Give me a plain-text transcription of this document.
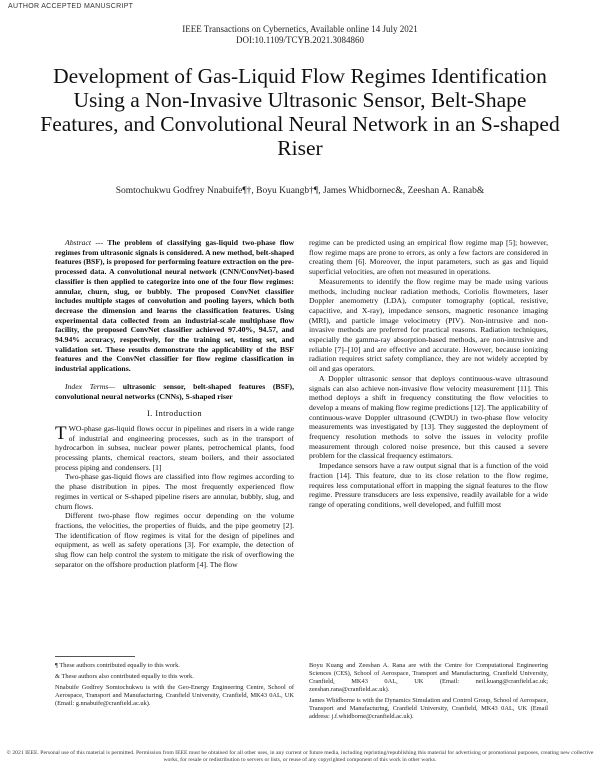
AUTHOR ACCEPTED MANUSCRIPT
IEEE Transactions on Cybernetics, Available online 14 July 2021
DOI:10.1109/TCYB.2021.3084860
Development of Gas-Liquid Flow Regimes Identification Using a Non-Invasive Ultrasonic Sensor, Belt-Shape Features, and Convolutional Neural Network in an S-shaped Riser
Somtochukwu Godfrey Nnabuife¶†, Boyu Kuangb†¶, James Whidbornec&, Zeeshan A. Ranab&

Abstract --- The problem of classifying gas-liquid two-phase flow regimes from ultrasonic signals is considered. A new method, belt-shaped features (BSF), is proposed for performing feature extraction on the pre-processed data. A convolutional neural network (CNN/ConvNet)-based classifier is then applied to categorize into one of the four flow regimes: annular, churn, slug, or bubbly. The proposed ConvNet classifier includes multiple stages of convolution and pooling layers, which both decrease the dimension and learns the classification features. Using experimental data collected from an industrial-scale multiphase flow facility, the proposed ConvNet classifier achieved 97.40%, 94.57, and 94.94% accuracy, respectively, for the training set, testing set, and validation set. These results demonstrate the applicability of the BSF features and the ConvNet classifier for flow regime classification in industrial applications.

Index Terms— ultrasonic sensor, belt-shaped features (BSF), convolutional neural networks (CNNs), S-shaped riser

I. Introduction

TWO-phase gas-liquid flows occur in pipelines and risers in a wide range of industrial and engineering processes, such as in the transport of hydrocarbon in subsea, nuclear power plants, petrochemical plants, food processing plants, chemical reactors, steam boilers, and their associated process piping and condensers. [1]

Two-phase gas-liquid flows are classified into flow regimes according to the phase distribution in pipes. The most frequently experienced flow regimes in vertical or S-shaped pipeline risers are annular, bubbly, slug, and churn flows.

Different two-phase flow regimes occur depending on the volume fractions, the velocities, the properties of fluids, and the pipe geometry [2]. The identification of flow regimes is vital for the design of pipelines and equipment, as well as safety operations [3]. For example, the detection of slug flow can help control the system to mitigate the risk of overflowing the separator on the offshore production platform [4]. The flow

regime can be predicted using an empirical flow regime map [5]; however, flow regime maps are prone to errors, as only a few factors are considered in creating them [6]. Moreover, the input parameters, such as gas and liquid superficial velocities, are often not measured in operations.

Measurements to identify the flow regime may be made using various methods, including nuclear radiation methods, Coriolis flowmeters, laser Doppler anemometry (LDA), computer tomography (optical, resistive, capacitive, and X-ray), impedance sensors, magnetic resonance imaging (MRI), and particle image velocimetry (PIV). Non-intrusive and non-invasive methods are preferred for practical reasons. Radiation techniques, especially the gamma-ray absorption-based methods, are non-intrusive and reliable [7]–[10] and are effective and accurate. However, because ionizing radiation requires strict safety compliance, they are not widely accepted by oil and gas operators.

A Doppler ultrasonic sensor that deploys continuous-wave ultrasound signals can also achieve non-invasive flow velocity measurement [11]. This method deploys a shift in frequency constituting the flow velocities to develop a means of making flow regime predictions [12]. The applicability of continuous-wave Doppler ultrasound (CWDU) in two-phase flow velocity measurements was investigated by [13]. They suggested the deployment of frequency resolution methods to solve the issues in velocity profile measurement through colored noise presence, but this caused a severe problem for the classical frequency estimators.

Impedance sensors have a raw output signal that is a function of the void fraction [14]. This feature, due to its close relation to the flow regime, requires less computational effort in mapping the signal features to the flow regime. Pressure transducers are less expensive, readily available for a wide range of operating conditions, well developed, and fulfill most

¶ These authors contributed equally to this work.
& These authors also contributed equally to this work.
Nnabuife Godfrey Somtochukwu is with the Geo-Energy Engineering Centre, School of Aerospace, Transport and Manufacturing, Cranfield University, Cranfield, MK43 0AL, UK (Email: g.nnabuife@cranfield.ac.uk).
Boyu Kuang and Zeeshan A. Rana are with the Centre for Computational Engineering Sciences (CES), School of Aerospace, Transport and Manufacturing, Cranfield University, Cranfield, MK43 0AL, UK (Email: neil.kuang@cranfield.ac.uk; zeeshan.rana@cranfield.ac.uk).
James Whidborne is with the Dynamics Simulation and Control Group, School of Aerospace, Transport and Manufacturing, Cranfield University, Cranfield, MK43 0AL, UK (Email address: j.f.whidborne@cranfield.ac.uk).
© 2021 IEEE. Personal use of this material is permitted. Permission from IEEE must be obtained for all other uses, in any current or future media, including reprinting/republishing this material for advertising or promotional purposes, creating new collective works, for resale or redistribution to servers or lists, or reuse of any copyrighted component of this work in other works.
